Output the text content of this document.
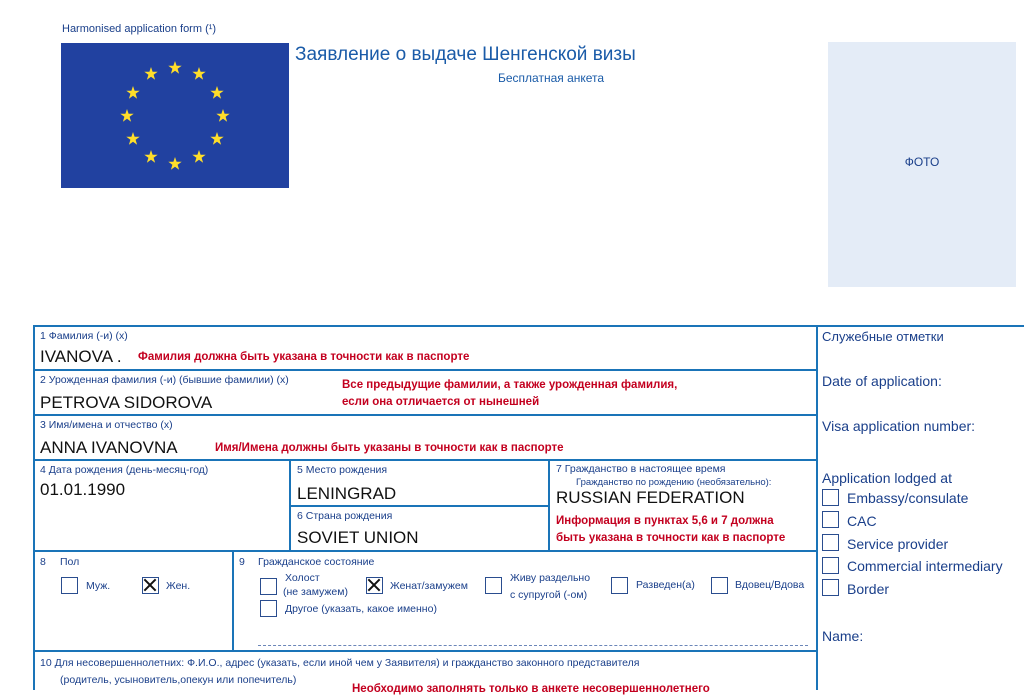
Harmonised application form (¹)
Заявление о выдаче Шенгенской визы
Бесплатная анкета
ФОТО
1 Фамилия (-и) (x)
IVANOVA . Фамилия должна быть указана в точности как в паспорте
2 Урожденная фамилия (-и) (бывшие фамилии) (x)
PETROVA SIDOROVA
Все предыдущие фамилии, а также урожденная фамилия,
если она отличается от нынешней
3 Имя/имена и отчество (x)
ANNA IVANOVNA	Имя/Имена должны быть указаны в точности как в паспорте
4 Дата рождения (день-месяц-год)
01.01.1990
5 Место рождения
LENINGRAD
6 Страна рождения
SOVIET UNION
7 Гражданство в настоящее время
Гражданство по рождению (необязательно):
RUSSIAN FEDERATION
Информация в пунктах 5,6 и 7 должна
быть указана в точности как в паспорте
8 Пол
Муж.	Жен.
9 Гражданское состояние
Холост
(не замужем)	Женат/замужем
Живу раздельно
с супругой (-ом)
Разведен(а)	Вдовец/Вдова
Другое (указать, какое именно)
10 Для несовершеннолетних: Ф.И.О., адрес (указать, если иной чем у Заявителя) и гражданство законного представителя
(родитель, усыновитель,опекун или попечитель)
Необходимо заполнять только в анкете несовершеннолетнего
Служебные отметки
Date of application:
Visa application number:
Application lodged at
Embassy/consulate
CAC
Service provider
Commercial intermediary
Border
Name:
